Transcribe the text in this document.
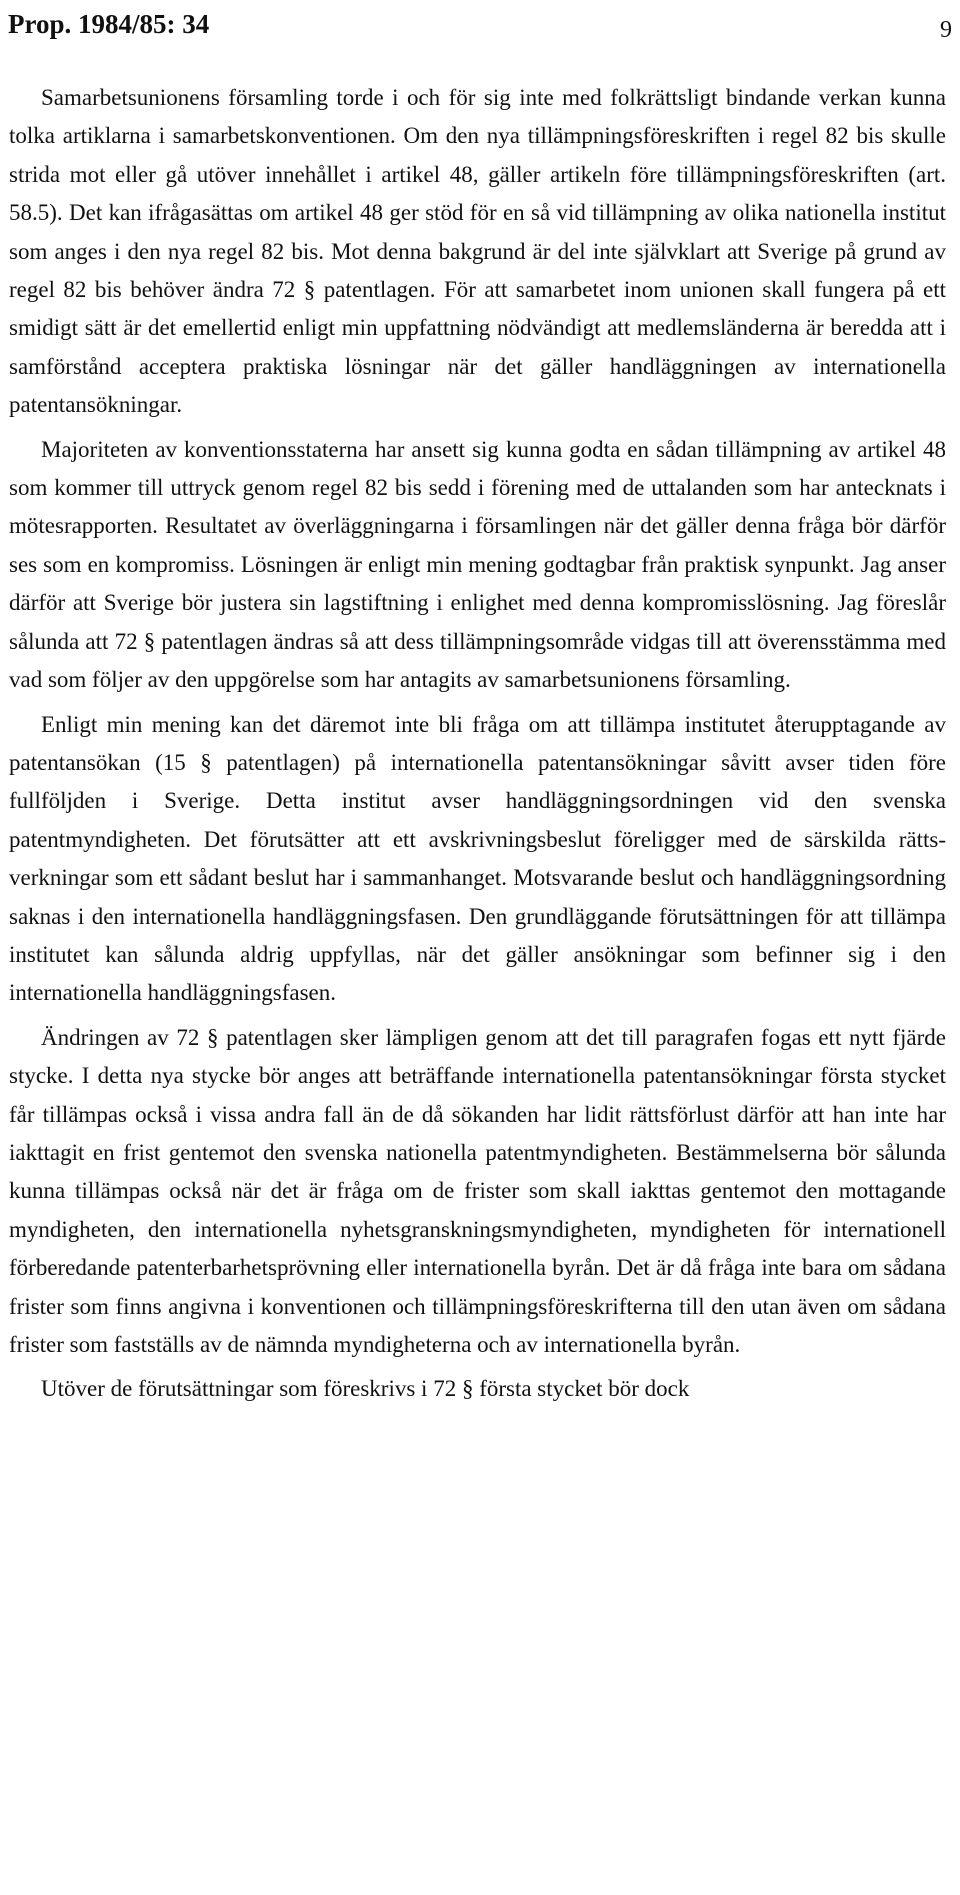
Prop. 1984/85: 34	9

Samarbetsunionens församling torde i och för sig inte med folkrättsligt bindande verkan kunna tolka artiklarna i samarbetskonventionen. Om den nya tillämpningsföreskriften i regel 82 bis skulle strida mot eller gå utöver innehållet i artikel 48, gäller artikeln före tillämpningsföreskriften (art. 58.5). Det kan ifrågasättas om artikel 48 ger stöd för en så vid tillämpning av olika nationella institut som anges i den nya regel 82 bis. Mot denna bakgrund är del inte självklart att Sverige på grund av regel 82 bis behöver ändra 72 § patentlagen. För att samarbetet inom unionen skall fungera på ett smidigt sätt är det emellertid enligt min uppfattning nödvändigt att medlemsländerna är beredda att i samförstånd acceptera praktiska lösningar när det gäller handläggningen av internationella patentansökningar.

Majoriteten av konventionsstaterna har ansett sig kunna godta en sådan tillämpning av artikel 48 som kommer till uttryck genom regel 82 bis sedd i förening med de uttalanden som har antecknats i mötesrapporten. Resultatet av överläggningarna i församlingen när det gäller denna fråga bör därför ses som en kompromiss. Lösningen är enligt min mening godtagbar från praktisk synpunkt. Jag anser därför att Sverige bör justera sin lagstiftning i enlighet med denna kompromisslösning. Jag föreslår sålunda att 72 § patentlagen ändras så att dess tillämpningsområde vidgas till att överensstämma med vad som följer av den uppgörelse som har antagits av samarbetsunionens församling.

Enligt min mening kan det däremot inte bli fråga om att tillämpa institutet återupptagande av patentansökan (15 § patentlagen) på internationella patentansökningar såvitt avser tiden före fullföljden i Sverige. Detta institut avser handläggningsordningen vid den svenska patentmyndigheten. Det förutsätter att ett avskrivningsbeslut föreligger med de särskilda rättsverkningar som ett sådant beslut har i sammanhanget. Motsvarande beslut och handläggningsordning saknas i den internationella handläggningsfasen. Den grundläggande förutsättningen för att tillämpa institutet kan sålunda aldrig uppfyllas, när det gäller ansökningar som befinner sig i den internationella handläggningsfasen.

Ändringen av 72 § patentlagen sker lämpligen genom att det till paragrafen fogas ett nytt fjärde stycke. I detta nya stycke bör anges att beträffande internationella patentansökningar första stycket får tillämpas också i vissa andra fall än de då sökanden har lidit rättsförlust därför att han inte har iakttagit en frist gentemot den svenska nationella patentmyndigheten. Bestämmelserna bör sålunda kunna tillämpas också när det är fråga om de frister som skall iakttas gentemot den mottagande myndigheten, den internationella nyhetsgranskningsmyndigheten, myndigheten för internationell förberedande patenterbarhetsprövning eller internationella byrån. Det är då fråga inte bara om sådana frister som finns angivna i konventionen och tillämpningsföreskrifterna till den utan även om sådana frister som fastställs av de nämnda myndigheterna och av internationella byrån.

Utöver de förutsättningar som föreskrivs i 72 § första stycket bör dock
